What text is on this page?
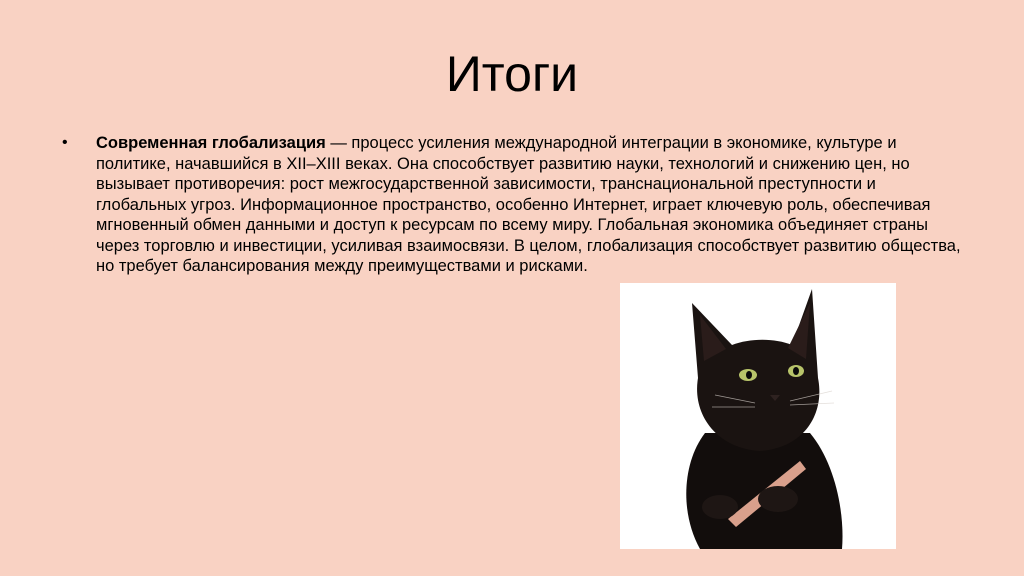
Итоги
• Современная глобализация — процесс усиления международной интеграции в экономике, культуре и политике, начавшийся в XII–XIII веках. Она способствует развитию науки, технологий и снижению цен, но вызывает противоречия: рост межгосударственной зависимости, транснациональной преступности и глобальных угроз. Информационное пространство, особенно Интернет, играет ключевую роль, обеспечивая мгновенный обмен данными и доступ к ресурсам по всему миру. Глобальная экономика объединяет страны через торговлю и инвестиции, усиливая взаимосвязи. В целом, глобализация способствует развитию общества, но требует балансирования между преимуществами и рисками.
